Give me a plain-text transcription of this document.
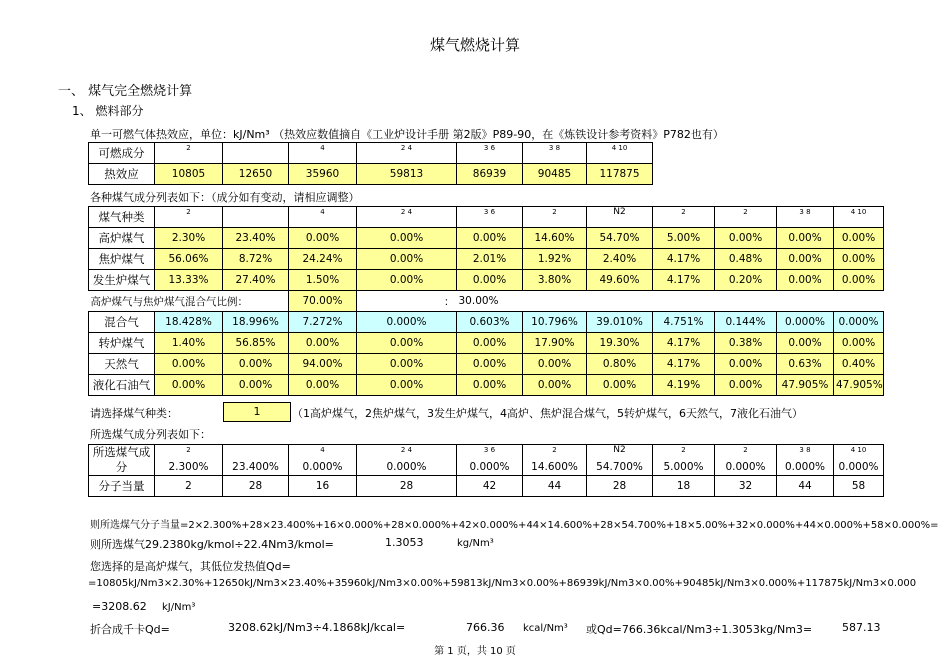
煤气燃烧计算
一、 煤气完全燃烧计算
1、 燃料部分
单一可燃气体热效应，单位：kJ/Nm³ （热效应数值摘自《工业炉设计手册 第2版》P89-90，在《炼铁设计参考资料》P782也有）
可燃成分	2		4	2 4	3 6	3 8	4 10
热效应	10805	12650	35960	59813	86939	90485	117875
各种煤气成分列表如下：（成分如有变动，请相应调整）
煤气种类	2		4	2 4	3 6	2	N2	2	2	3 8	4 10
高炉煤气	2.30%	23.40%	0.00%	0.00%	0.00%	14.60%	54.70%	5.00%	0.00%	0.00%	0.00%
焦炉煤气	56.06%	8.72%	24.24%	0.00%	2.01%	1.92%	2.40%	4.17%	0.48%	0.00%	0.00%
发生炉煤气	13.33%	27.40%	1.50%	0.00%	0.00%	3.80%	49.60%	4.17%	0.20%	0.00%	0.00%
高炉煤气与焦炉煤气混合气比例：			70.00%	：	30.00%						
混合气	18.428%	18.996%	7.272%	0.000%	0.603%	10.796%	39.010%	4.751%	0.144%	0.000%	0.000%
转炉煤气	1.40%	56.85%	0.00%	0.00%	0.00%	17.90%	19.30%	4.17%	0.38%	0.00%	0.00%
天然气	0.00%	0.00%	94.00%	0.00%	0.00%	0.00%	0.80%	4.17%	0.00%	0.63%	0.40%
液化石油气	0.00%	0.00%	0.00%	0.00%	0.00%	0.00%	0.00%	4.19%	0.00%	47.905%	47.905%
请选择煤气种类：	1	（1高炉煤气，2焦炉煤气，3发生炉煤气，4高炉、焦炉混合煤气，5转炉煤气，6天然气，7液化石油气）
所选煤气成分列表如下：
所选煤气成分	2		4	2 4	3 6	2	N2	2	2	3 8	4 10
	2.300%	23.400%	0.000%	0.000%	0.000%	14.600%	54.700%	5.000%	0.000%	0.000%	0.000%
分子当量	2	28	16	28	42	44	28	18	32	44	58
则所选煤气分子当量=2×2.300%+28×23.400%+16×0.000%+28×0.000%+42×0.000%+44×14.600%+28×54.700%+18×5.00%+32×0.000%+44×0.000%+58×0.000%=
则所选煤气29.2380kg/kmol÷22.4Nm3/kmol=	1.3053	kg/Nm³
您选择的是高炉煤气，其低位发热值Qd=
=10805kJ/Nm3×2.30%+12650kJ/Nm3×23.40%+35960kJ/Nm3×0.00%+59813kJ/Nm3×0.00%+86939kJ/Nm3×0.00%+90485kJ/Nm3×0.000%+117875kJ/Nm3×0.000
=3208.62 kJ/Nm³
折合成千卡Qd=	3208.62kJ/Nm3÷4.1868kJ/kcal=	766.36 kcal/Nm³ 或Qd=766.36kcal/Nm3÷1.3053kg/Nm3=	587.13
第 1 页，共 10 页
